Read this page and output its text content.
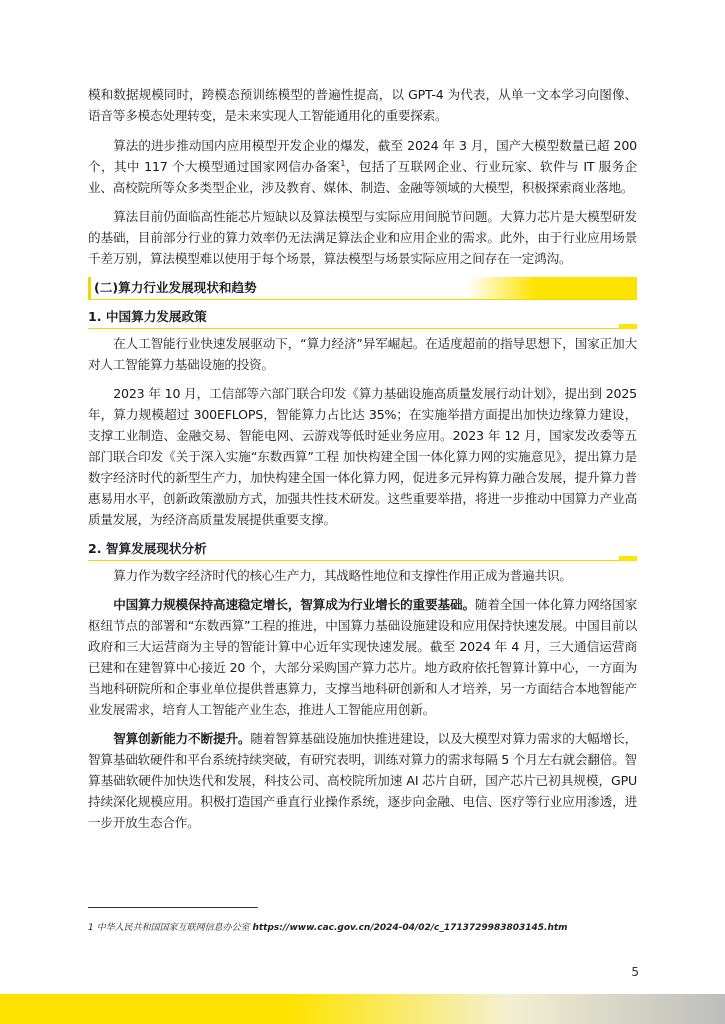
模和数据规模同时，跨模态预训练模型的普遍性提高，以 GPT-4 为代表，从单一文本学习向图像、语音等多模态处理转变，是未来实现人工智能通用化的重要探索。

算法的进步推动国内应用模型开发企业的爆发，截至 2024 年 3 月，国产大模型数量已超 200 个，其中 117 个大模型通过国家网信办备案$^1$，包括了互联网企业、行业玩家、软件与 IT 服务企业、高校院所等众多类型企业，涉及教育、媒体、制造、金融等领域的大模型，积极探索商业落地。

算法目前仍面临高性能芯片短缺以及算法模型与实际应用间脱节问题。大算力芯片是大模型研发的基础，目前部分行业的算力效率仍无法满足算法企业和应用企业的需求。此外，由于行业应用场景千差万别，算法模型难以使用于每个场景，算法模型与场景实际应用之间存在一定鸿沟。

(二)算力行业发展现状和趋势
1. 中国算力发展政策

在人工智能行业快速发展驱动下，“算力经济”异军崛起。在适度超前的指导思想下，国家正加大对人工智能算力基础设施的投资。

2023 年 10 月，工信部等六部门联合印发《算力基础设施高质量发展行动计划》，提出到 2025 年，算力规模超过 300EFLOPS，智能算力占比达 35%；在实施举措方面提出加快边缘算力建设，支撑工业制造、金融交易、智能电网、云游戏等低时延业务应用。2023 年 12 月，国家发改委等五部门联合印发《关于深入实施“东数西算”工程 加快构建全国一体化算力网的实施意见》，提出算力是数字经济时代的新型生产力，加快构建全国一体化算力网，促进多元异构算力融合发展，提升算力普惠易用水平，创新政策激励方式，加强共性技术研发。这些重要举措，将进一步推动中国算力产业高质量发展，为经济高质量发展提供重要支撑。

2. 智算发展现状分析

算力作为数字经济时代的核心生产力，其战略性地位和支撑性作用正成为普遍共识。

中国算力规模保持高速稳定增长，智算成为行业增长的重要基础。随着全国一体化算力网络国家枢纽节点的部署和“东数西算”工程的推进，中国算力基础设施建设和应用保持快速发展。中国目前以政府和三大运营商为主导的智能计算中心近年实现快速发展。截至 2024 年 4 月，三大通信运营商已建和在建智算中心接近 20 个，大部分采购国产算力芯片。地方政府依托智算计算中心，一方面为当地科研院所和企事业单位提供普惠算力，支撑当地科研创新和人才培养，另一方面结合本地智能产业发展需求，培育人工智能产业生态，推进人工智能应用创新。

智算创新能力不断提升。随着智算基础设施加快推进建设，以及大模型对算力需求的大幅增长，智算基础软硬件和平台系统持续突破，有研究表明，训练对算力的需求每隔 5 个月左右就会翻倍。智算基础软硬件加快迭代和发展，科技公司、高校院所加速 AI 芯片自研，国产芯片已初具规模，GPU 持续深化规模应用。积极打造国产垂直行业操作系统，逐步向金融、电信、医疗等行业应用渗透，进一步开放生态合作。

1 中华人民共和国国家互联网信息办公室 https://www.cac.gov.cn/2024-04/02/c_1713729983803145.htm
5
